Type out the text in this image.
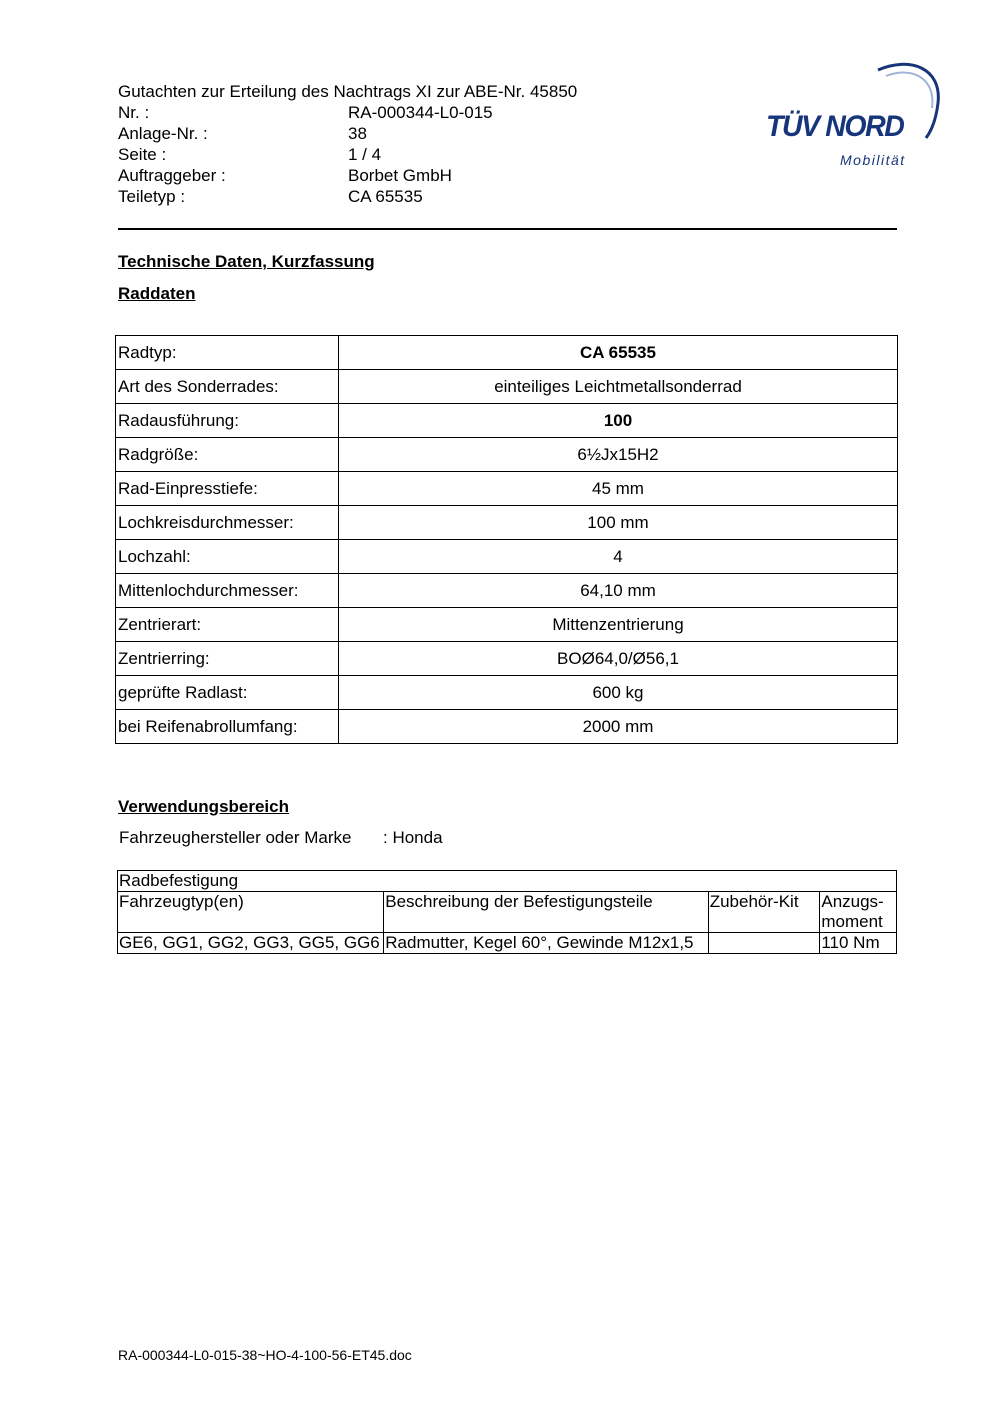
Gutachten zur Erteilung des Nachtrags XI zur ABE-Nr. 45850
Nr. :	RA-000344-L0-015
Anlage-Nr. :	38
Seite :	1 / 4
Auftraggeber :	Borbet GmbH
Teiletyp :	CA 65535
TÜV NORD
Mobilität
Technische Daten, Kurzfassung
Raddaten
Radtyp:	CA 65535
Art des Sonderrades:	einteiliges Leichtmetallsonderrad
Radausführung:	100
Radgröße:	6½Jx15H2
Rad-Einpresstiefe:	45 mm
Lochkreisdurchmesser:	100 mm
Lochzahl:	4
Mittenlochdurchmesser:	64,10 mm
Zentrierart:	Mittenzentrierung
Zentrierring:	BOØ64,0/Ø56,1
geprüfte Radlast:	600 kg
bei Reifenabrollumfang:	2000 mm
Verwendungsbereich
Fahrzeughersteller oder Marke	: Honda
Radbefestigung			
Fahrzeugtyp(en)	Beschreibung der Befestigungsteile	Zubehör-Kit	Anzugs-
moment
GE6, GG1, GG2, GG3, GG5, GG6	Radmutter, Kegel 60°, Gewinde M12x1,5		110 Nm
RA-000344-L0-015-38~HO-4-100-56-ET45.doc
